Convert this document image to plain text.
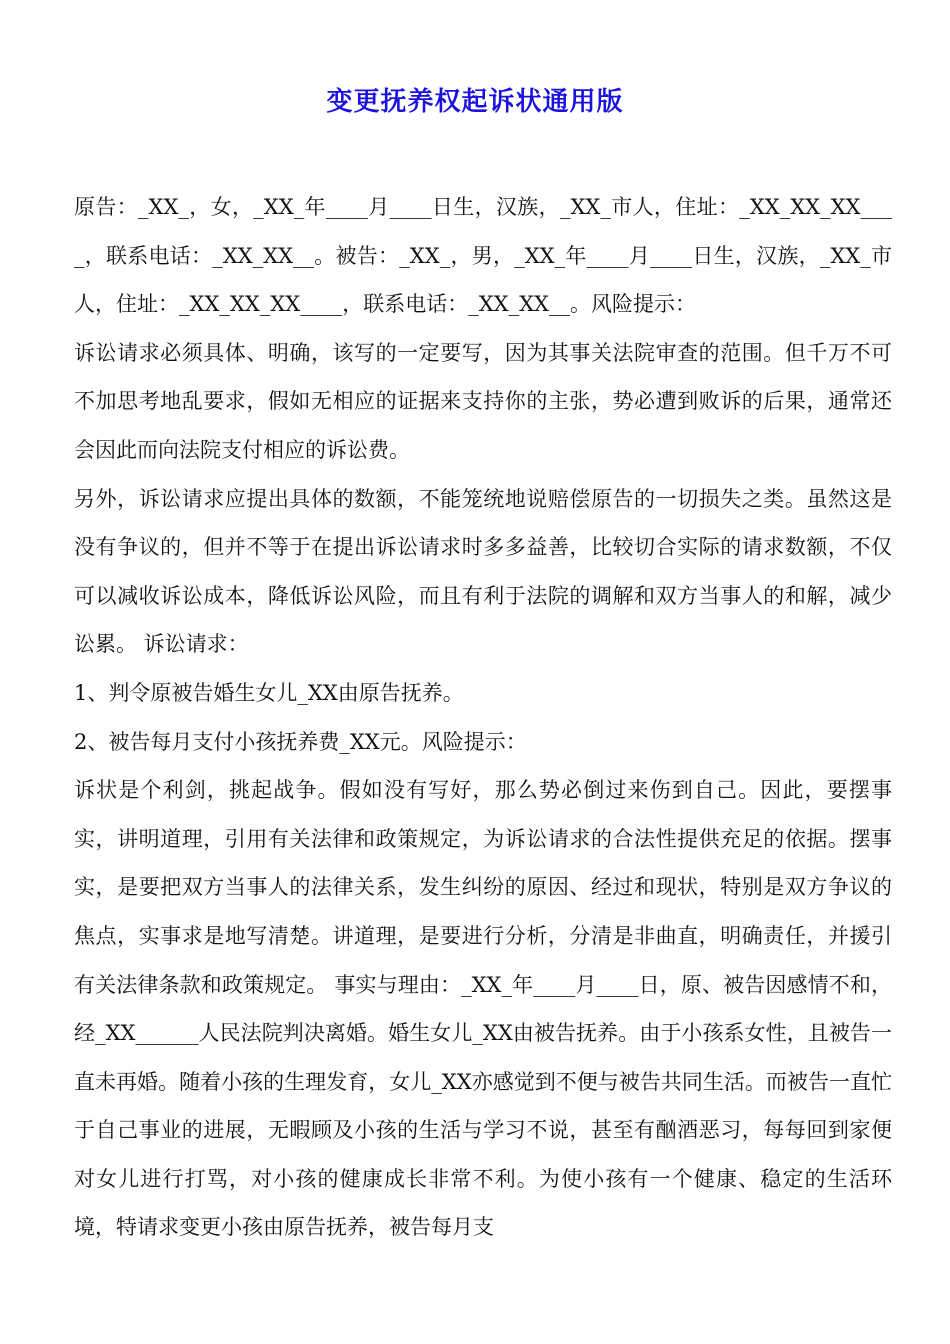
变更抚养权起诉状通用版

原告：_XX_，女，_XX_年____月____日生，汉族，_XX_市人，住址：_XX_XX_XX____，联系电话：_XX_XX__。被告：_XX_，男，_XX_年____月____日生，汉族，_XX_市人，住址：_XX_XX_XX____，联系电话：_XX_XX__。风险提示：

诉讼请求必须具体、明确，该写的一定要写，因为其事关法院审查的范围。但千万不可不加思考地乱要求，假如无相应的证据来支持你的主张，势必遭到败诉的后果，通常还会因此而向法院支付相应的诉讼费。

另外，诉讼请求应提出具体的数额，不能笼统地说赔偿原告的一切损失之类。虽然这是没有争议的，但并不等于在提出诉讼请求时多多益善，比较切合实际的请求数额，不仅可以减收诉讼成本，降低诉讼风险，而且有利于法院的调解和双方当事人的和解，减少讼累。 诉讼请求：

1、判令原被告婚生女儿_XX由原告抚养。

2、被告每月支付小孩抚养费_XX元。风险提示：

诉状是个利剑，挑起战争。假如没有写好，那么势必倒过来伤到自己。因此，要摆事实，讲明道理，引用有关法律和政策规定，为诉讼请求的合法性提供充足的依据。摆事实，是要把双方当事人的法律关系，发生纠纷的原因、经过和现状，特别是双方争议的焦点，实事求是地写清楚。讲道理，是要进行分析，分清是非曲直，明确责任，并援引有关法律条款和政策规定。 事实与理由：_XX_年____月____日，原、被告因感情不和，经_XX______人民法院判决离婚。婚生女儿_XX由被告抚养。由于小孩系女性，且被告一直未再婚。随着小孩的生理发育，女儿_XX亦感觉到不便与被告共同生活。而被告一直忙于自己事业的进展，无暇顾及小孩的生活与学习不说，甚至有酗酒恶习，每每回到家便对女儿进行打骂，对小孩的健康成长非常不利。为使小孩有一个健康、稳定的生活环境，特请求变更小孩由原告抚养，被告每月支
